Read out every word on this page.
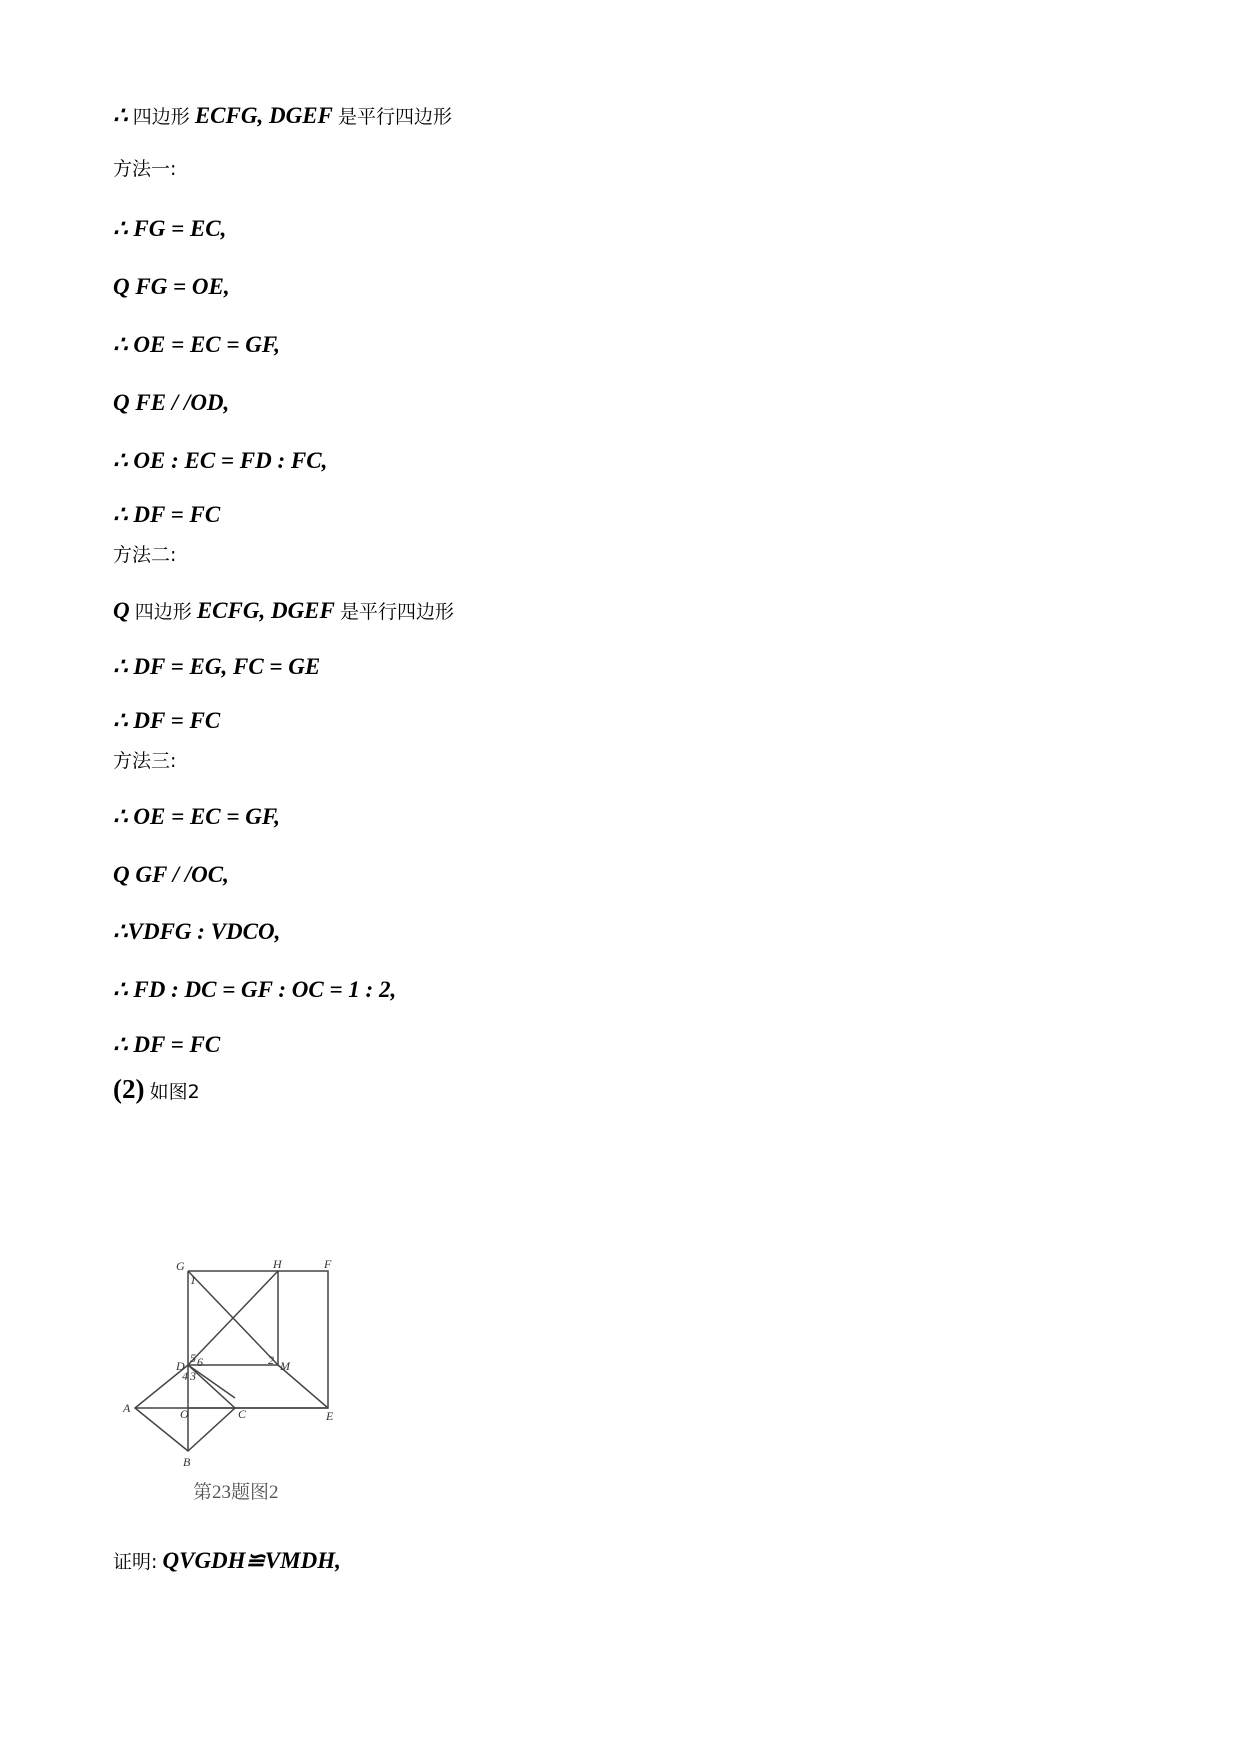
∴ 四边形 ECFG, DGEF 是平行四边形
方法一:
∴ FG = EC,
Q FG = OE,
∴ OE = EC = GF,
Q FE / /OD,
∴ OE : EC = FD : FC,
∴ DF = FC
方法二:
Q 四边形 ECFG, DGEF 是平行四边形
∴ DF = EG, FC = GE
∴ DF = FC
方法三:
∴ OE = EC = GF,
Q GF / /OC,
∴VDFG : VDCO,
∴ FD : DC = GF : OC = 1 : 2,
∴ DF = FC
(2) 如图2
G	H	F
D	M
A	O	C	E
B
1
5 6	2
4 3
第23题图2
证明: QVGDH≌VMDH,
